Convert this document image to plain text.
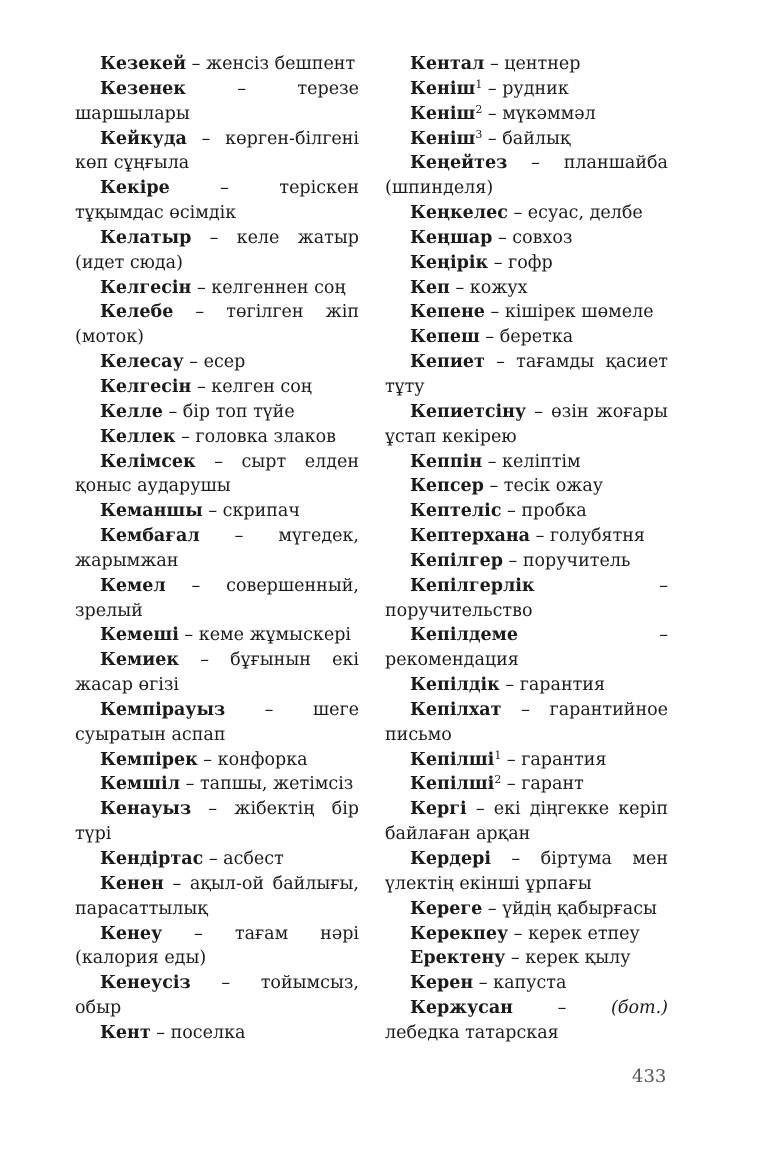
Кезекей – женсіз бешпент

Кезенек – терезе шаршылары

Кейкуда – көрген-білгені көп сұңғыла

Кекіре – теріскен тұқымдас өсімдік

Келатыр – келе жатыр (идет сюда)

Келгесін – келгеннен соң

Келебе – төгілген жіп (моток)

Келесау – есер

Келгесін – келген соң

Келле – бір топ түйе

Келлек – головка злаков

Келімсек – сырт елден қоныс аударушы

Кеманшы – скрипач

Кембағал – мүгедек, жарымжан

Кемел – совершенный, зрелый

Кемеші – кеме жұмыскері

Кемиек – бұғынын екі жасар өгізі

Кемпірауыз – шеге суыратын аспап

Кемпірек – конфорка

Кемшіл – тапшы, жетімсіз

Кенауыз – жібектің бір түрі

Кендіртас – асбест

Кенен – ақыл-ой байлығы, парасаттылық

Кенеу – тағам нәрі (калория еды)

Кенеусіз – тойымсыз, обыр

Кент – поселка

Кентал – центнер

Кеніш$^1$ – рудник

Кеніш$^2$ – мүкәммәл

Кеніш$^3$ – байлық

Кеңейтез – планшайба (шпинделя)

Кеңкелес – есуас, делбе

Кеңшар – совхоз

Кеңірік – гофр

Кеп – кожух

Кепене – кішірек шөмеле

Кепеш – беретка

Кепиет – тағамды қасиет тұту

Кепиетсіну – өзін жоғары ұстап кекірею

Кеппін – келіптім

Кепсер – тесік ожау

Кептеліс – пробка

Кептерхана – голубятня

Кепілгер – поручитель

Кепілгерлік – поручительство

Кепілдеме – рекомендация

Кепілдік – гарантия

Кепілхат – гарантийное письмо

Кепілші$^1$ – гарантия

Кепілші$^2$ – гарант

Кергі – екі діңгекке керіп байлаған арқан

Кердері – біртума мен үлектің екінші ұрпағы

Кереге – үйдің қабырғасы

Керекпеу – керек етпеу

Еректену – керек қылу

Керен – капуста

Кержусан – (бот.) лебедка татарская

433
